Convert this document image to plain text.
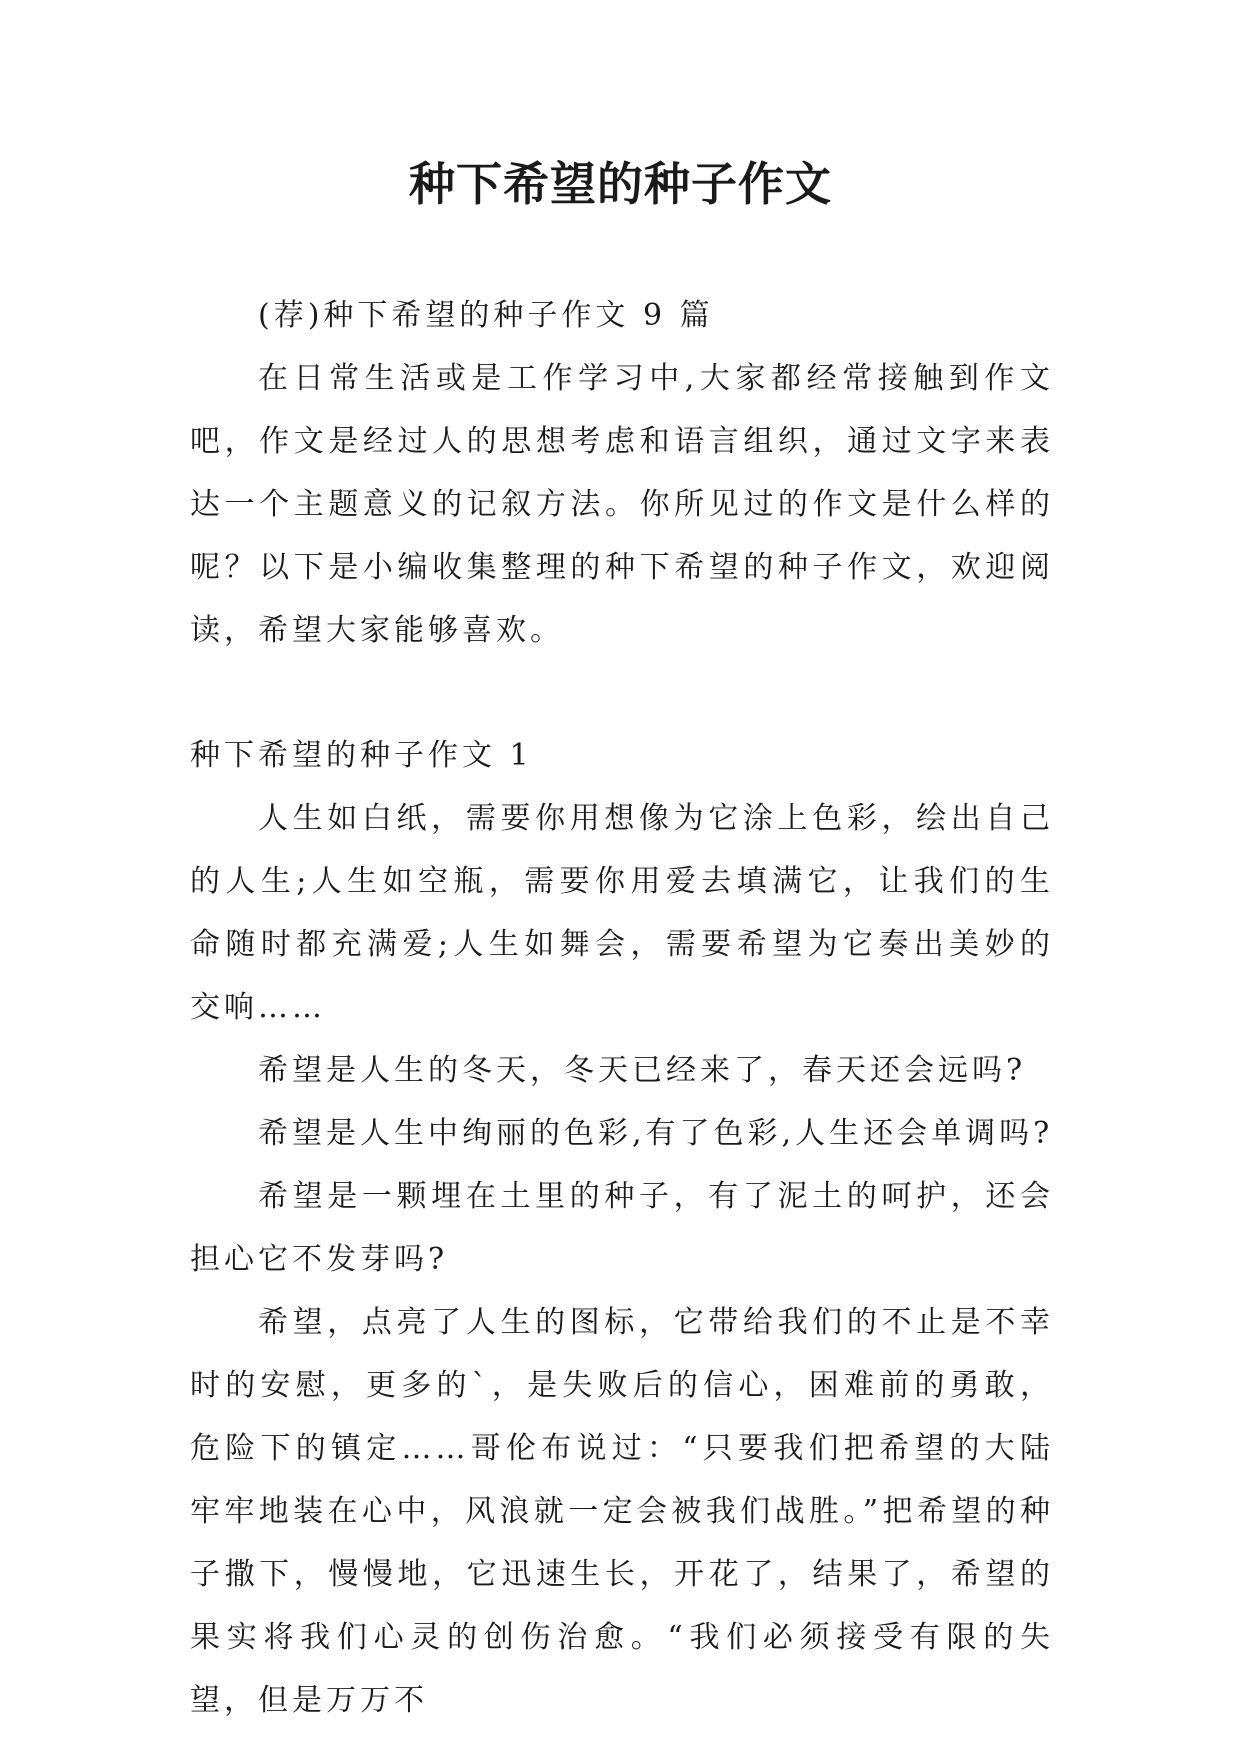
种下希望的种子作文

(荐)种下希望的种子作文 9 篇

在日常生活或是工作学习中,大家都经常接触到作文吧，作文是经过人的思想考虑和语言组织，通过文字来表达一个主题意义的记叙方法。你所见过的作文是什么样的呢？以下是小编收集整理的种下希望的种子作文，欢迎阅读，希望大家能够喜欢。

种下希望的种子作文 1

人生如白纸，需要你用想像为它涂上色彩，绘出自己的人生;人生如空瓶，需要你用爱去填满它，让我们的生命随时都充满爱;人生如舞会，需要希望为它奏出美妙的交响……

希望是人生的冬天，冬天已经来了，春天还会远吗?

希望是人生中绚丽的色彩,有了色彩,人生还会单调吗?

希望是一颗埋在土里的种子，有了泥土的呵护，还会担心它不发芽吗?

希望，点亮了人生的图标，它带给我们的不止是不幸时的安慰，更多的`，是失败后的信心，困难前的勇敢，危险下的镇定……哥伦布说过：“只要我们把希望的大陆牢牢地装在心中，风浪就一定会被我们战胜。”把希望的种子撒下，慢慢地，它迅速生长，开花了，结果了，希望的果实将我们心灵的创伤治愈。“我们必须接受有限的失望，但是万万不
